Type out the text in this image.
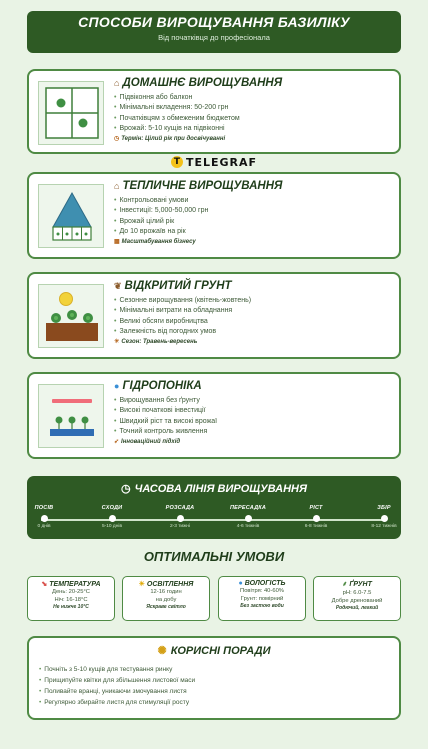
СПОСОБИ ВИРОЩУВАННЯ БАЗИЛІКУ
Від початківця до професіонала
⌂ ДОМАШНЄ ВИРОЩУВАННЯ
• Підвіконня або балкон
• Мінімальні вкладення: 50-200 грн
• Початківцям з обмеженим бюджетом
• Врожай: 5-10 кущів на підвіконні
◷ Термін: Цілий рік при досвічуванні
TTELEGRAF
⌂ ТЕПЛИЧНЕ ВИРОЩУВАННЯ
• Контрольовані умови
• Інвестиції: 5,000-50,000 грн
• Врожай цілий рік
• До 10 врожаїв на рік
▦ Масштабування бізнесу
❦ ВІДКРИТИЙ ГРУНТ
• Сезонне вирощування (квітень-жовтень)
• Мінімальні витрати на обладнання
• Великі обсяги виробництва
• Залежність від погодних умов
☀ Сезон: Травень-вересень
● ГІДРОПОНІКА
• Вирощування без ґрунту
• Високі початкові інвестиції
• Швидкий ріст та високі врожаї
• Точний контроль живлення
➶ Інноваційний підхід
◷ ЧАСОВА ЛІНІЯ ВИРОЩУВАННЯ
ПОСІВ
0 днів
СХОДИ
5-10 днів
РОЗСАДА
2-3 тижні
ПЕРЕСАДКА
4-6 тижнів
РІСТ
6-8 тижнів
ЗБІР
8-12 тижнів
ОПТИМАЛЬНІ УМОВИ
⬊ ТЕМПЕРАТУРА
День: 20-25°C
Ніч: 16-18°C
Не нижче 10°C
☀ ОСВІТЛЕННЯ
12-16 годин
на добу
Яскраве світло
● ВОЛОГІСТЬ
Повітря: 40-60%
Грунт: помірний
Без застою води
⸙ ҐРУНТ
pH: 6.0-7.5
Добре дренований
Родючий, легкий
✺ КОРИСНІ ПОРАДИ
• Почніть з 5-10 кущів для тестування ринку
• Прищипуйте квітки для збільшення листової маси
• Поливайте вранці, уникаючи змочування листя
• Регулярно збирайте листя для стимуляції росту
